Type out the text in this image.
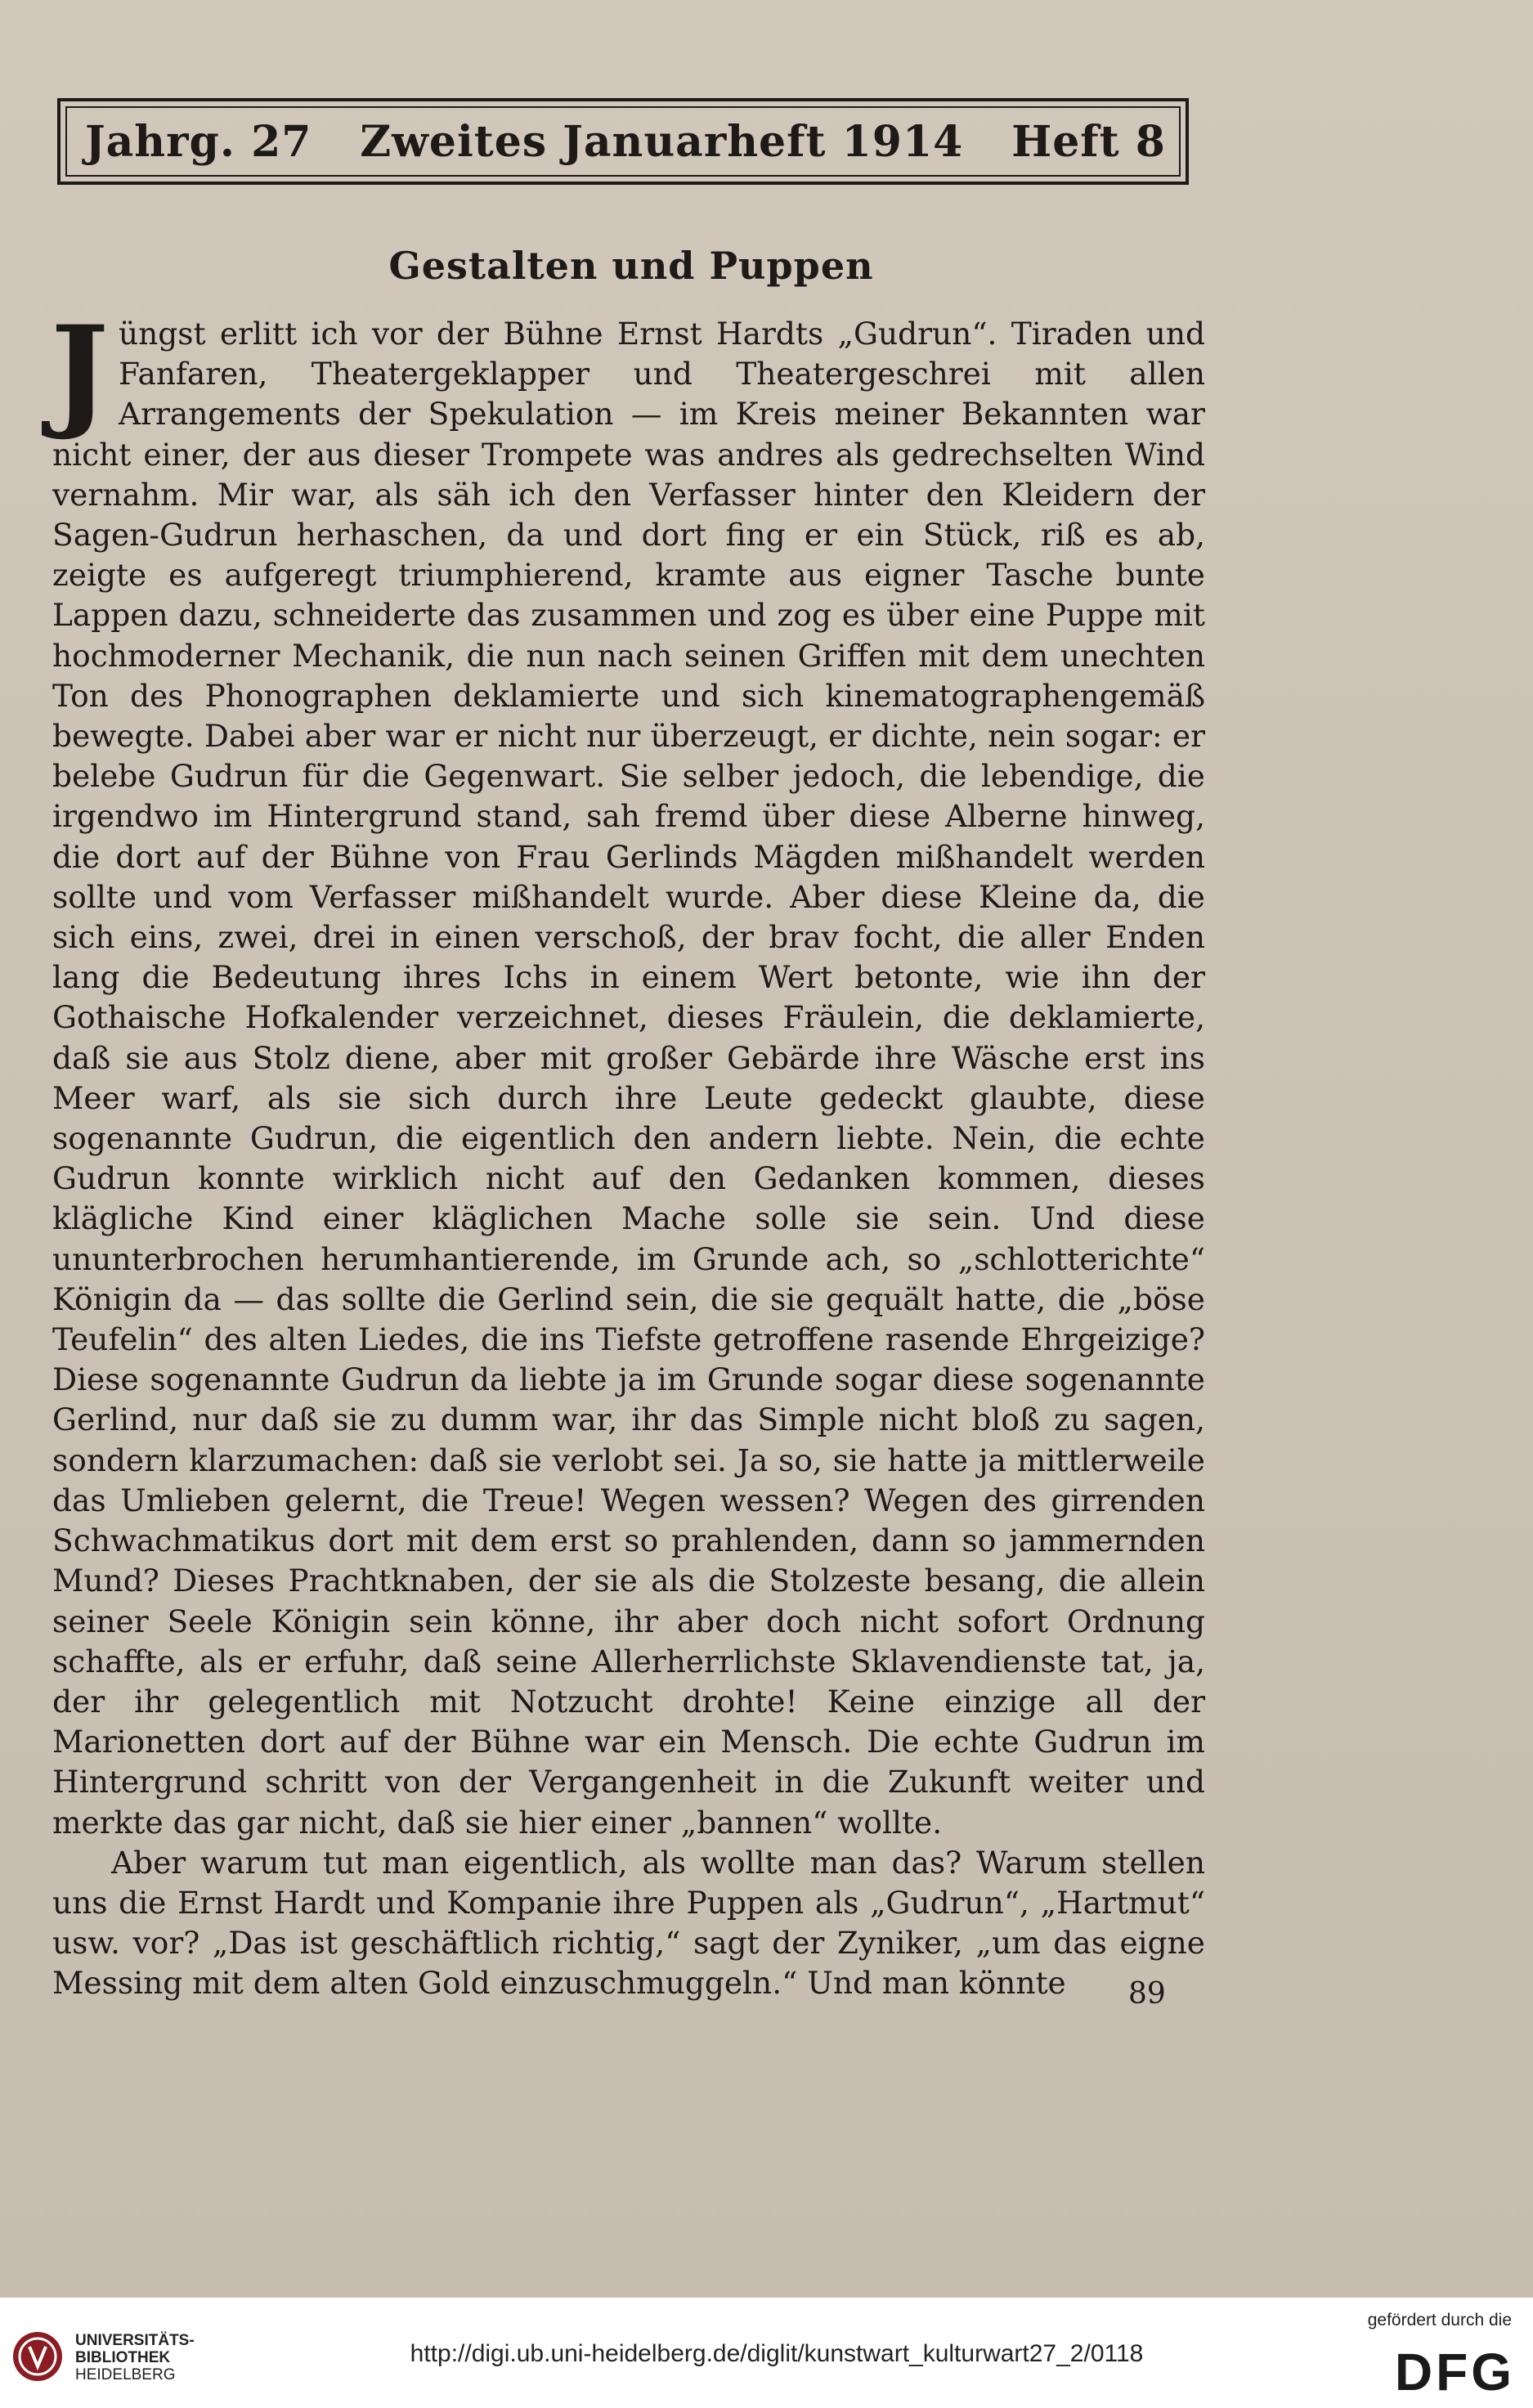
Jahrg. 27 Zweites Januarheft 1914 Heft 8
Gestalten und Puppen

J üngst erlitt ich vor der Bühne Ernst Hardts „Gudrun“. Tiraden und Fanfaren, Theatergeklapper und Theatergeschrei mit allen Arrangements der Spekulation — im Kreis meiner Bekannten war nicht einer, der aus dieser Trompete was andres als gedrechselten Wind vernahm. Mir war, als säh ich den Verfasser hinter den Kleidern der Sagen-Gudrun herhaschen, da und dort fing er ein Stück, riß es ab, zeigte es aufgeregt triumphierend, kramte aus eigner Tasche bunte Lappen dazu, schneiderte das zusammen und zog es über eine Puppe mit hochmoderner Mechanik, die nun nach seinen Griffen mit dem unechten Ton des Phonographen deklamierte und sich kinematographengemäß bewegte. Dabei aber war er nicht nur überzeugt, er dichte, nein sogar: er belebe Gudrun für die Gegenwart. Sie selber jedoch, die lebendige, die irgendwo im Hintergrund stand, sah fremd über diese Alberne hinweg, die dort auf der Bühne von Frau Gerlinds Mägden mißhandelt werden sollte und vom Verfasser mißhandelt wurde. Aber diese Kleine da, die sich eins, zwei, drei in einen verschoß, der brav focht, die aller Enden lang die Bedeutung ihres Ichs in einem Wert betonte, wie ihn der Gothaische Hofkalender verzeichnet, dieses Fräulein, die deklamierte, daß sie aus Stolz diene, aber mit großer Gebärde ihre Wäsche erst ins Meer warf, als sie sich durch ihre Leute gedeckt glaubte, diese sogenannte Gudrun, die eigentlich den andern liebte. Nein, die echte Gudrun konnte wirklich nicht auf den Gedanken kommen, dieses klägliche Kind einer kläglichen Mache solle sie sein. Und diese ununterbrochen herumhantierende, im Grunde ach, so „schlotterichte“ Königin da — das sollte die Gerlind sein, die sie gequält hatte, die „böse Teufelin“ des alten Liedes, die ins Tiefste getroffene rasende Ehrgeizige? Diese sogenannte Gudrun da liebte ja im Grunde sogar diese sogenannte Gerlind, nur daß sie zu dumm war, ihr das Simple nicht bloß zu sagen, sondern klarzumachen: daß sie verlobt sei. Ja so, sie hatte ja mittlerweile das Umlieben gelernt, die Treue! Wegen wessen? Wegen des girrenden Schwachmatikus dort mit dem erst so prahlenden, dann so jammernden Mund? Dieses Prachtknaben, der sie als die Stolzeste besang, die allein seiner Seele Königin sein könne, ihr aber doch nicht sofort Ordnung schaffte, als er erfuhr, daß seine Allerherrlichste Sklavendienste tat, ja, der ihr gelegentlich mit Notzucht drohte! Keine einzige all der Marionetten dort auf der Bühne war ein Mensch. Die echte Gudrun im Hintergrund schritt von der Vergangenheit in die Zukunft weiter und merkte das gar nicht, daß sie hier einer „bannen“ wollte.

Aber warum tut man eigentlich, als wollte man das? Warum stellen uns die Ernst Hardt und Kompanie ihre Puppen als „Gudrun“, „Hartmut“ usw. vor? „Das ist geschäftlich richtig,“ sagt der Zyniker, „um das eigne Messing mit dem alten Gold einzuschmuggeln.“ Und man könnte	89
UNIVERSITÄTS-
BIBLIOTHEK
HEIDELBERG
http://digi.ub.uni-heidelberg.de/diglit/kunstwart_kulturwart27_2/0118
gefördert durch die
DFG
